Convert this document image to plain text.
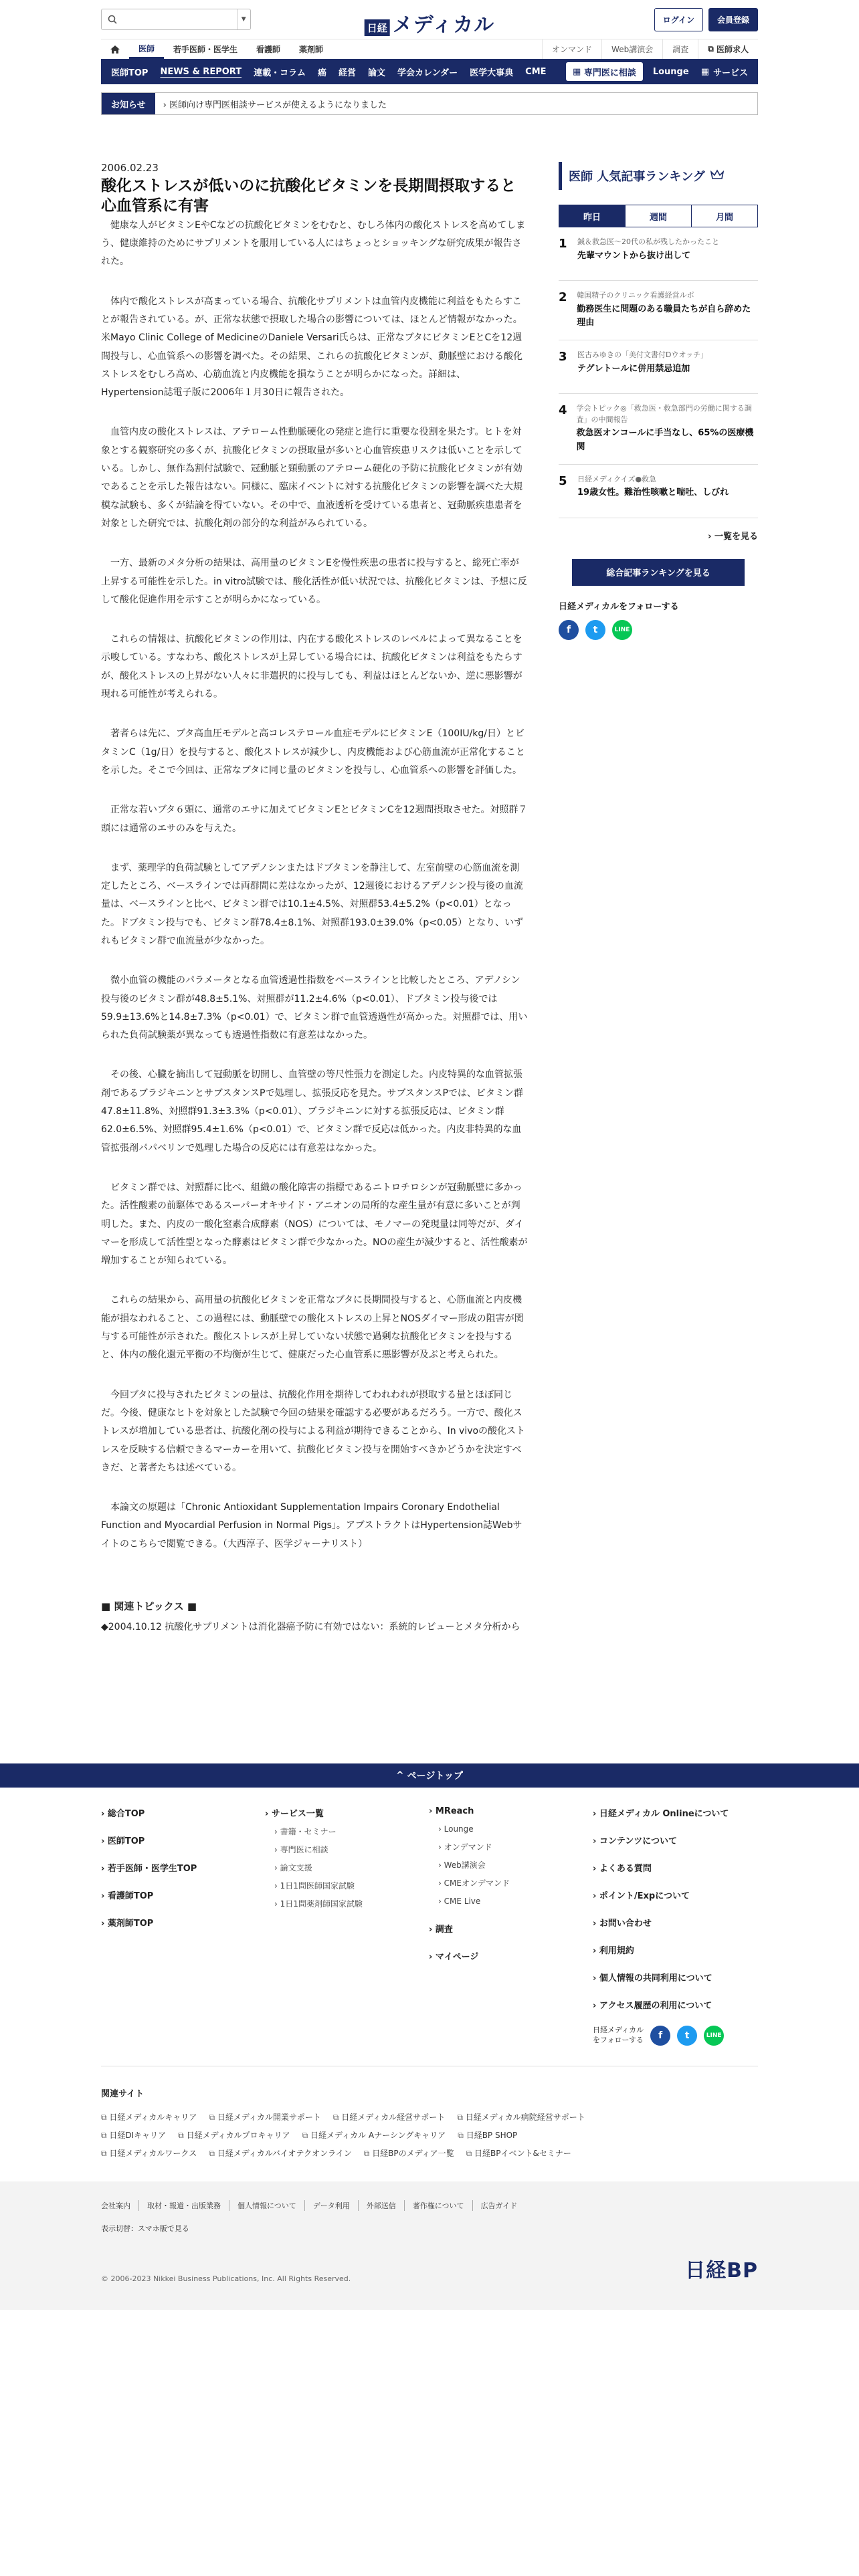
▼
日経 メディカル	ログイン	会員登録
医師	若手医師・医学生	看護師	薬剤師	オンマンド	Web講演会	調査	⧉ 医師求人
医師TOP	NEWS & REPORT	連載・コラム	癌	経営	論文	学会カレンダー	医学大事典	CME	▦ 専門医に相談	Lounge	▦ サービス
お知らせ	› 医師向け専門医相談サービスが使えるようになりました
2006.02.23
酸化ストレスが低いのに抗酸化ビタミンを長期間摂取すると心血管系に有害

健康な人がビタミンEやCなどの抗酸化ビタミンをむむと、むしろ体内の酸化ストレスを高めてしまう、健康維持のためにサプリメントを服用している人にはちょっとショッキングな研究成果が報告された。

体内で酸化ストレスが高まっている場合、抗酸化サプリメントは血管内皮機能に利益をもたらすことが報告されている。が、正常な状態で摂取した場合の影響については、ほとんど情報がなかった。米Mayo Clinic College of MedicineのDaniele Versari氏らは、正常なブタにビタミンEとCを12週間投与し、心血管系への影響を調べた。その結果、これらの抗酸化ビタミンが、動脈壁における酸化ストレスをむしろ高め、心筋血流と内皮機能を損なうことが明らかになった。詳細は、Hypertension誌電子版に2006年１月30日に報告された。

血管内皮の酸化ストレスは、アテローム性動脈硬化の発症と進行に重要な役割を果たす。ヒトを対象とする観察研究の多くが、抗酸化ビタミンの摂取量が多いと心血管疾患リスクは低いことを示している。しかし、無作為割付試験で、冠動脈と頸動脈のアテローム硬化の予防に抗酸化ビタミンが有効であることを示した報告はない。同様に、臨床イベントに対する抗酸化ビタミンの影響を調べた大規模な試験も、多くが結論を得ていない。その中で、血液透析を受けている患者と、冠動脈疾患患者を対象とした研究では、抗酸化剤の部分的な利益がみられている。

一方、最新のメタ分析の結果は、高用量のビタミンEを慢性疾患の患者に投与すると、総死亡率が上昇する可能性を示した。in vitro試験では、酸化活性が低い状況では、抗酸化ビタミンは、予想に反して酸化促進作用を示すことが明らかになっている。

これらの情報は、抗酸化ビタミンの作用は、内在する酸化ストレスのレベルによって異なることを示唆している。すなわち、酸化ストレスが上昇している場合には、抗酸化ビタミンは利益をもたらすが、酸化ストレスの上昇がない人々に非選択的に投与しても、利益はほとんどないか、逆に悪影響が現れる可能性が考えられる。

著者らは先に、ブタ高血圧モデルと高コレステロール血症モデルにビタミンE（100IU/kg/日）とビタミンC（1g/日）を投与すると、酸化ストレスが減少し、内皮機能および心筋血流が正常化することを示した。そこで今回は、正常なブタに同じ量のビタミンを投与し、心血管系への影響を評価した。

正常な若いブタ６頭に、通常のエサに加えてビタミンEとビタミンCを12週間摂取させた。対照群７頭には通常のエサのみを与えた。

まず、薬理学的負荷試験としてアデノシンまたはドブタミンを静注して、左室前壁の心筋血流を測定したところ、ベースラインでは両群間に差はなかったが、12週後におけるアデノシン投与後の血流量は、ベースラインと比べ、ビタミン群では10.1±4.5%、対照群53.4±5.2%（p<0.01）となった。ドブタミン投与でも、ビタミン群78.4±8.1%、対照群193.0±39.0%（p<0.05）となり、いずれもビタミン群で血流量が少なかった。

微小血管の機能のパラメータとなる血管透過性指数をベースラインと比較したところ、アデノシン投与後のビタミン群が48.8±5.1%、対照群が11.2±4.6%（p<0.01）、ドブタミン投与後では59.9±13.6%と14.8±7.3%（p<0.01）で、ビタミン群で血管透過性が高かった。対照群では、用いられた負荷試験薬が異なっても透過性指数に有意差はなかった。

その後、心臓を摘出して冠動脈を切開し、血管壁の等尺性張力を測定した。内皮特異的な血管拡張剤であるブラジキニンとサブスタンスPで処理し、拡張反応を見た。サブスタンスPでは、ビタミン群47.8±11.8%、対照群91.3±3.3%（p<0.01）、ブラジキニンに対する拡張反応は、ビタミン群62.0±6.5%、対照群95.4±1.6%（p<0.01）で、ビタミン群で反応は低かった。内皮非特異的な血管拡張剤パパベリンで処理した場合の反応には有意差はなかった。

ビタミン群では、対照群に比べ、組織の酸化障害の指標であるニトロチロシンが冠動脈壁に多かった。活性酸素の前駆体であるスーパーオキサイド・アニオンの局所的な産生量が有意に多いことが判明した。また、内皮の一酸化窒素合成酵素（NOS）については、モノマーの発現量は同等だが、ダイマーを形成して活性型となった酵素はビタミン群で少なかった。NOの産生が減少すると、活性酸素が増加することが知られている。

これらの結果から、高用量の抗酸化ビタミンを正常なブタに長期間投与すると、心筋血流と内皮機能が損なわれること、この過程には、動脈壁での酸化ストレスの上昇とNOSダイマー形成の阻害が関与する可能性が示された。酸化ストレスが上昇していない状態で過剰な抗酸化ビタミンを投与すると、体内の酸化還元平衡の不均衡が生じて、健康だった心血管系に悪影響が及ぶと考えられた。

今回ブタに投与されたビタミンの量は、抗酸化作用を期待してわれわれが摂取する量とほぼ同じだ。今後、健康なヒトを対象とした試験で今回の結果を確認する必要があるだろう。一方で、酸化ストレスが増加している患者は、抗酸化剤の投与による利益が期待できることから、In vivoの酸化ストレスを反映する信頼できるマーカーを用いて、抗酸化ビタミン投与を開始すべきかどうかを決定すべきだ、と著者たちは述べている。

本論文の原題は「Chronic Antioxidant Supplementation Impairs Coronary Endothelial Function and Myocardial Perfusion in Normal Pigs」。アブストラクトはHypertension誌Webサイトのこちらで閲覧できる。（大西淳子、医学ジャーナリスト）

■ 関連トピックス ■
◆2004.10.12 抗酸化サプリメントは消化器癌予防に有効ではない：系統的レビューとメタ分析から
医師 人気記事ランキング
昨日	週間	月間
1 鍼＆救急医〜20代の私が残したかったこと
先輩マウントから抜け出して
2 韓国精子のクリニック看護経営ルポ
勤務医生に問題のある職員たちが自ら辞めた理由
3 医古みゆきの「美付文書付Dウオッチ」
テグレトールに併用禁忌追加
4 学会トピック◎「救急医・救急部門の労働に関する調査」の中間報告
救急医オンコールに手当なし、65%の医療機関
5 日経メディクイズ●救急
19歳女性。難治性咳嗽と喘吐、しびれ
› 一覧を見る
総合記事ランキングを見る
日経メディカルをフォローする
f	t	LINE
^ ページトップ
› 総合TOP
› 医師TOP
› 若手医師・医学生TOP
› 看護師TOP
› 薬剤師TOP
› サービス一覧
› 書籍・セミナー
› 専門医に相談
› 論文支援
› 1日1問医師国家試験
› 1日1問薬剤師国家試験
› MReach
› Lounge
› オンデマンド
› Web講演会
› CMEオンデマンド
› CME Live
› 調査
› マイページ
› 日経メディカル Onlineについて
› コンテンツについて
› よくある質問
› ポイント/Expについて
› お問い合わせ
› 利用規約
› 個人情報の共同利用について
› アクセス履歴の利用について
日経メディカル
をフォローする	f	t	LINE
関連サイト
⧉ 日経メディカルキャリア	⧉ 日経メディカル開業サポート	⧉ 日経メディカル経営サポート	⧉ 日経メディカル病院経営サポート
⧉ 日経DIキャリア	⧉ 日経メディカルプロキャリア	⧉ 日経メディカル Aナーシングキャリア	⧉ 日経BP SHOP
⧉ 日経メディカルワークス	⧉ 日経メディカルバイオテクオンライン	⧉ 日経BPのメディア一覧	⧉ 日経BPイベント&セミナー
会社案内	取材・報道・出版業務	個人情報について	データ利用	外部送信	著作権について	広告ガイド
表示切替：スマホ版で見る
© 2006-2023 Nikkei Business Publications, Inc. All Rights Reserved.	日経BP
